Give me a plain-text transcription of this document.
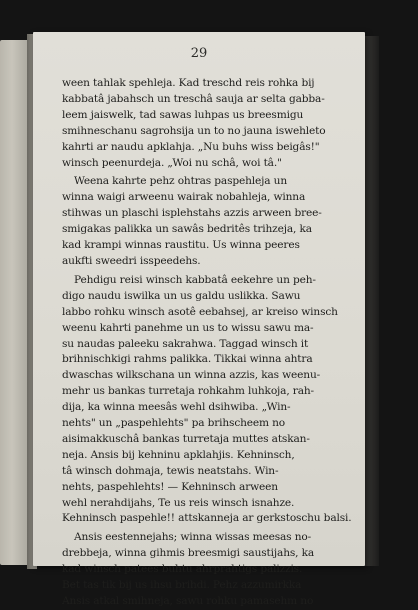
29
ween tahlak spehleja. Kad treschd reis rohka bij
kabbatâ jabahsch un treschâ sauja ar selta gabba-
leem jaiswelk, tad sawas luhpas us breesmigu
smihneschanu sagrohsija un to no jauna iswehleto
kahrti ar naudu apklahja. „Nu buhs wiss beigâs!"
winsch peenurdeja. „Woi nu schâ, woi tâ."
Weena kahrte pehz ohtras paspehleja un
winna waigi arweenu wairak nobahleja, winna
stihwas un plaschi isplehstahs azzis arween bree-
smigakas palikka un sawâs bedritês trihzeja, ka
kad krampi winnas raustitu. Us winna peeres
aukfti sweedri isspeedehs.
Pehdigu reisi winsch kabbatâ eekehre un peh-
digo naudu iswilka un us galdu uslikka. Sawu
labbo rohku winsch asotê eebahsej, ar kreiso winsch
weenu kahrti panehme un us to wissu sawu ma-
su naudas paleeku sakrahwa. Taggad winsch it
brihnischkigi rahms palikka. Tikkai winna ahtra
dwaschas wilkschana un winna azzis, kas weenu-
mehr us bankas turretaja rohkahm luhkoja, rah-
dija, ka winna meesâs wehl dsihwiba. „Win-
nehts" un „paspehlehts" pa brihscheem no
aisimakkuschâ bankas turretaja muttes atskan-
neja. Ansis bij kehninu apklahjis. Kehninsch,
tâ winsch dohmaja, tewis neatstahs. Win-
nehts, paspehlehts! — Kehninsch arween
wehl nerahdijahs, Te us reis winsch isnahze.
Kehninsch paspehle!! attskanneja ar gerkstoschu balsi.
Ansis eestennejahs; winna wissas meesas no-
drebbeja, winna gihmis breesmigi saustijahs, ka
kad winsch patees buhtu ahrprahtigs palizzis.
Bet tas tik bij us ihsu brihdi. Pehz azzumirkka
Ansis atkal smihneja, sawu rohku pamasehm no
